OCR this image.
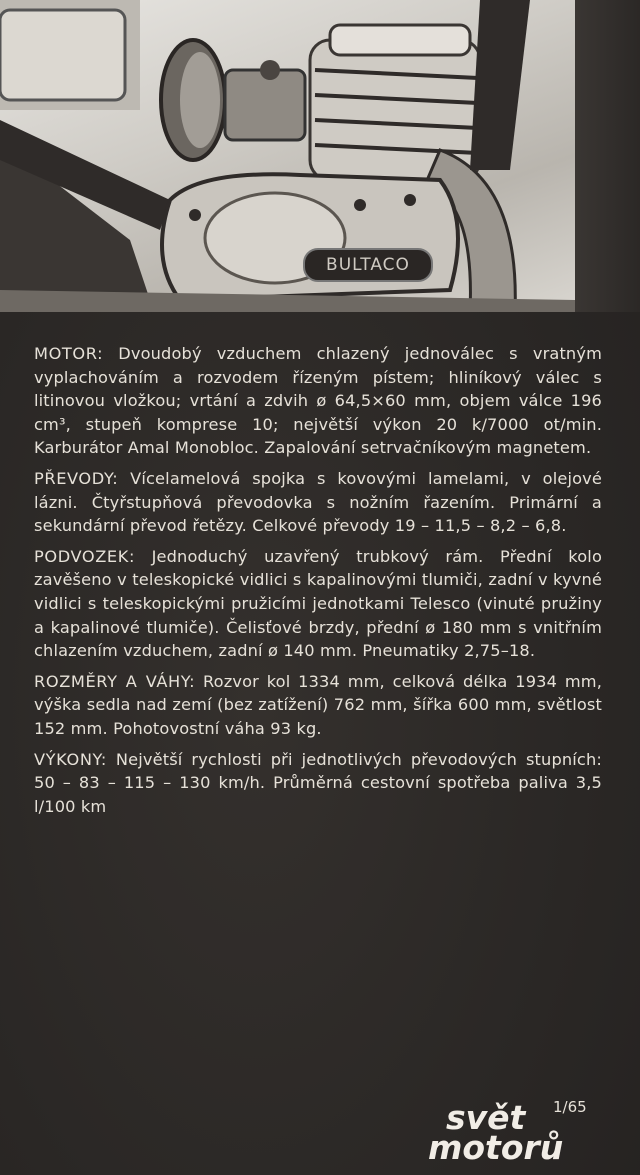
BULTACO

MOTOR: Dvoudobý vzduchem chlazený jednoválec s vratným vyplachováním a rozvodem řízeným pístem; hliníkový válec s litinovou vložkou; vrtání a zdvih ø 64,5×60 mm, objem válce 196 cm³, stupeň komprese 10; největší výkon 20 k/7000 ot/min. Karburátor Amal Monobloc. Zapalování setrvačníkovým magnetem.

PŘEVODY: Vícelamelová spojka s kovovými lamelami, v olejové lázni. Čtyřstupňová převodovka s nožním řazením. Primární a sekundární převod řetězy. Celkové převody 19 – 11,5 – 8,2 – 6,8.

PODVOZEK: Jednoduchý uzavřený trubkový rám. Přední kolo zavěšeno v teleskopické vidlici s kapalinovými tlumiči, zadní v kyvné vidlici s teleskopickými pružicími jednotkami Telesco (vinuté pružiny a kapalinové tlumiče). Čelisťové brzdy, přední ø 180 mm s vnitřním chlazením vzduchem, zadní ø 140 mm. Pneumatiky 2,75–18.

ROZMĚRY A VÁHY: Rozvor kol 1334 mm, celková délka 1934 mm, výška sedla nad zemí (bez zatížení) 762 mm, šířka 600 mm, světlost 152 mm. Pohotovostní váha 93 kg.

VÝKONY: Největší rychlosti při jednotlivých převodových stupních: 50 – 83 – 115 – 130 km/h. Průměrná cestovní spotřeba paliva 3,5 l/100 km

1/65
svět
motorů
